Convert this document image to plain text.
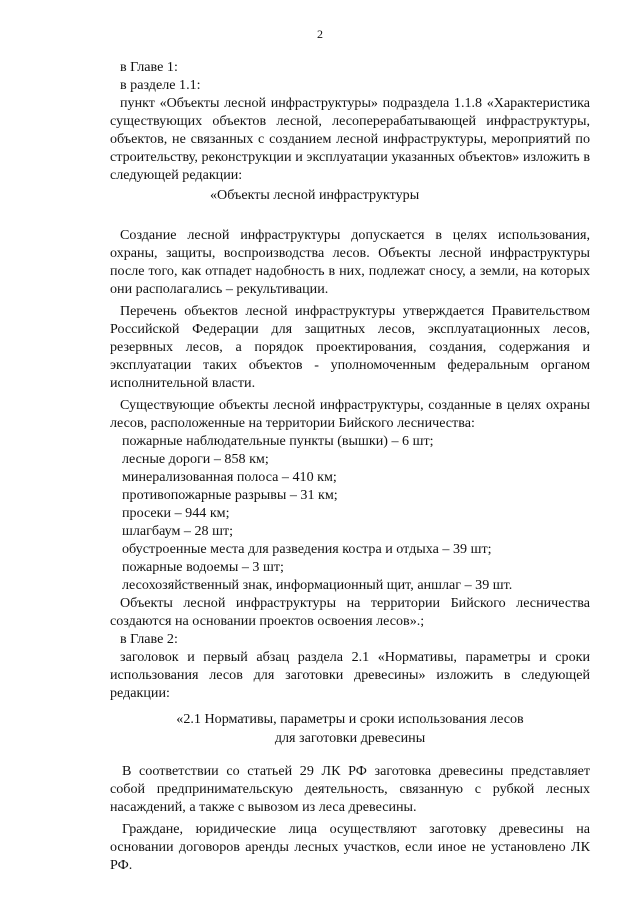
2

в Главе 1:

в разделе 1.1:

пункт «Объекты лесной инфраструктуры» подраздела 1.1.8 «Характеристика существующих объектов лесной, лесоперерабатывающей инфраструктуры, объектов, не связанных с созданием лесной инфраструктуры, мероприятий по строительству, реконструкции и эксплуатации указанных объектов» изложить в следующей редакции:

«Объекты лесной инфраструктуры

Создание лесной инфраструктуры допускается в целях использования, охраны, защиты, воспроизводства лесов. Объекты лесной инфраструктуры после того, как отпадет надобность в них, подлежат сносу, а земли, на которых они располагались – рекультивации.

Перечень объектов лесной инфраструктуры утверждается Правительством Российской Федерации для защитных лесов, эксплуатационных лесов, резервных лесов, а порядок проектирования, создания, содержания и эксплуатации таких объектов - уполномоченным федеральным органом исполнительной власти.

Существующие объекты лесной инфраструктуры, созданные в целях охраны лесов, расположенные на территории Бийского лесничества:

пожарные наблюдательные пункты (вышки) – 6 шт;

лесные дороги – 858 км;

минерализованная полоса – 410 км;

противопожарные разрывы – 31 км;

просеки – 944 км;

шлагбаум – 28 шт;

обустроенные места для разведения костра и отдыха – 39 шт;

пожарные водоемы – 3 шт;

лесохозяйственный знак, информационный щит, аншлаг – 39 шт.

Объекты лесной инфраструктуры на территории Бийского лесничества создаются на основании проектов освоения лесов».;

в Главе 2:

заголовок и первый абзац раздела 2.1 «Нормативы, параметры и сроки использования лесов для заготовки древесины» изложить в следующей редакции:

«2.1 Нормативы, параметры и сроки использования лесов

для заготовки древесины

В соответствии со статьей 29 ЛК РФ заготовка древесины представляет собой предпринимательскую деятельность, связанную с рубкой лесных насаждений, а также с вывозом из леса древесины.

Граждане, юридические лица осуществляют заготовку древесины на основании договоров аренды лесных участков, если иное не установлено ЛК РФ.
